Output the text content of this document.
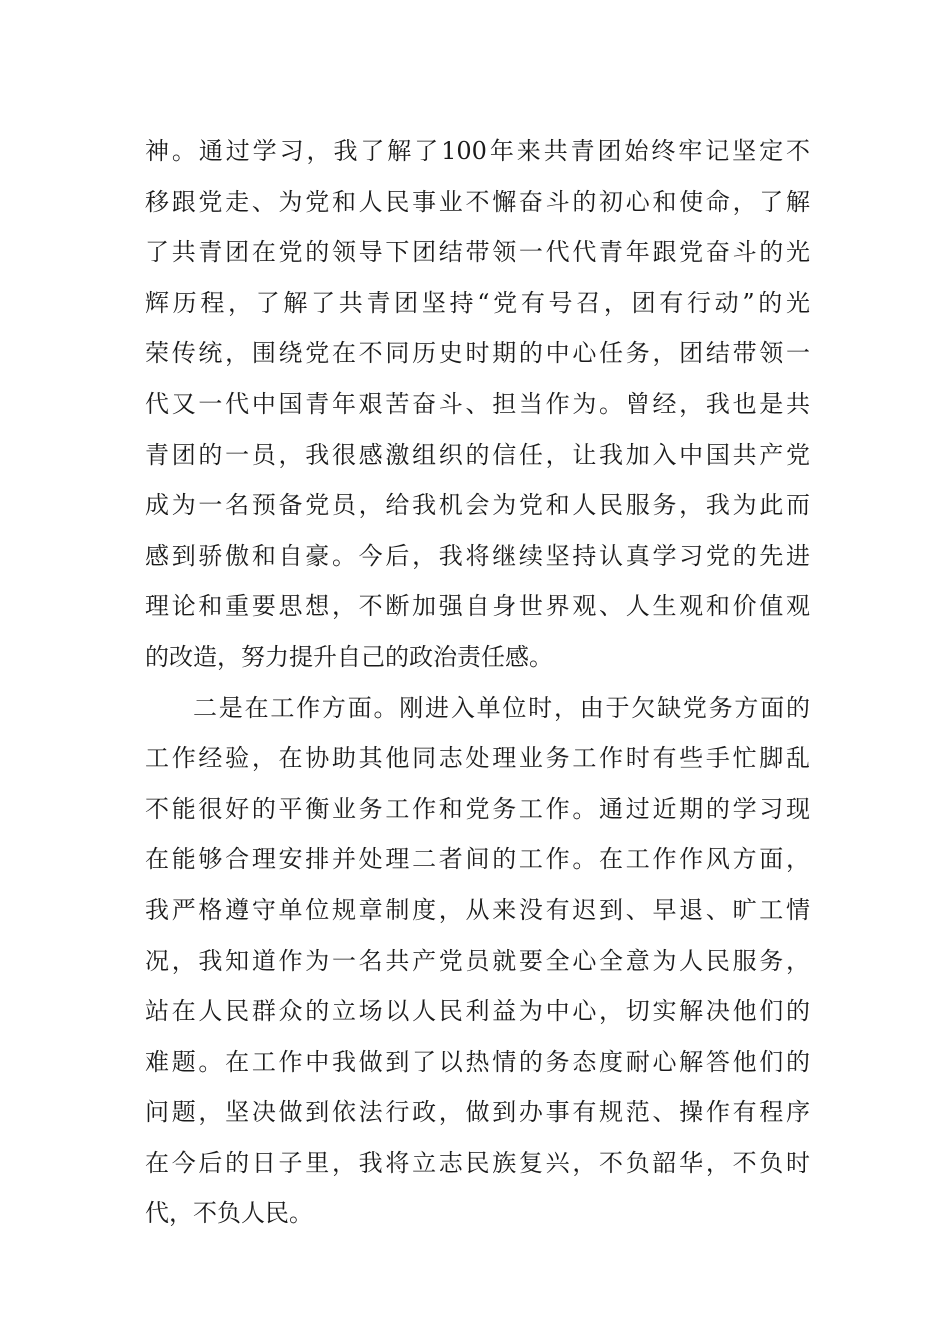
神。通过学习，我了解了100年来共青团始终牢记坚定不
移跟党走、为党和人民事业不懈奋斗的初心和使命，了解
了共青团在党的领导下团结带领一代代青年跟党奋斗的光
辉历程，了解了共青团坚持“党有号召，团有行动”的光
荣传统，围绕党在不同历史时期的中心任务，团结带领一
代又一代中国青年艰苦奋斗、担当作为。曾经，我也是共
青团的一员，我很感激组织的信任，让我加入中国共产党
成为一名预备党员，给我机会为党和人民服务，我为此而
感到骄傲和自豪。今后，我将继续坚持认真学习党的先进
理论和重要思想，不断加强自身世界观、人生观和价值观
的改造，努力提升自己的政治责任感。
二是在工作方面。刚进入单位时，由于欠缺党务方面的
工作经验，在协助其他同志处理业务工作时有些手忙脚乱
不能很好的平衡业务工作和党务工作。通过近期的学习现
在能够合理安排并处理二者间的工作。在工作作风方面，
我严格遵守单位规章制度，从来没有迟到、早退、旷工情
况，我知道作为一名共产党员就要全心全意为人民服务，
站在人民群众的立场以人民利益为中心，切实解决他们的
难题。在工作中我做到了以热情的务态度耐心解答他们的
问题，坚决做到依法行政，做到办事有规范、操作有程序
在今后的日子里，我将立志民族复兴，不负韶华，不负时
代，不负人民。
